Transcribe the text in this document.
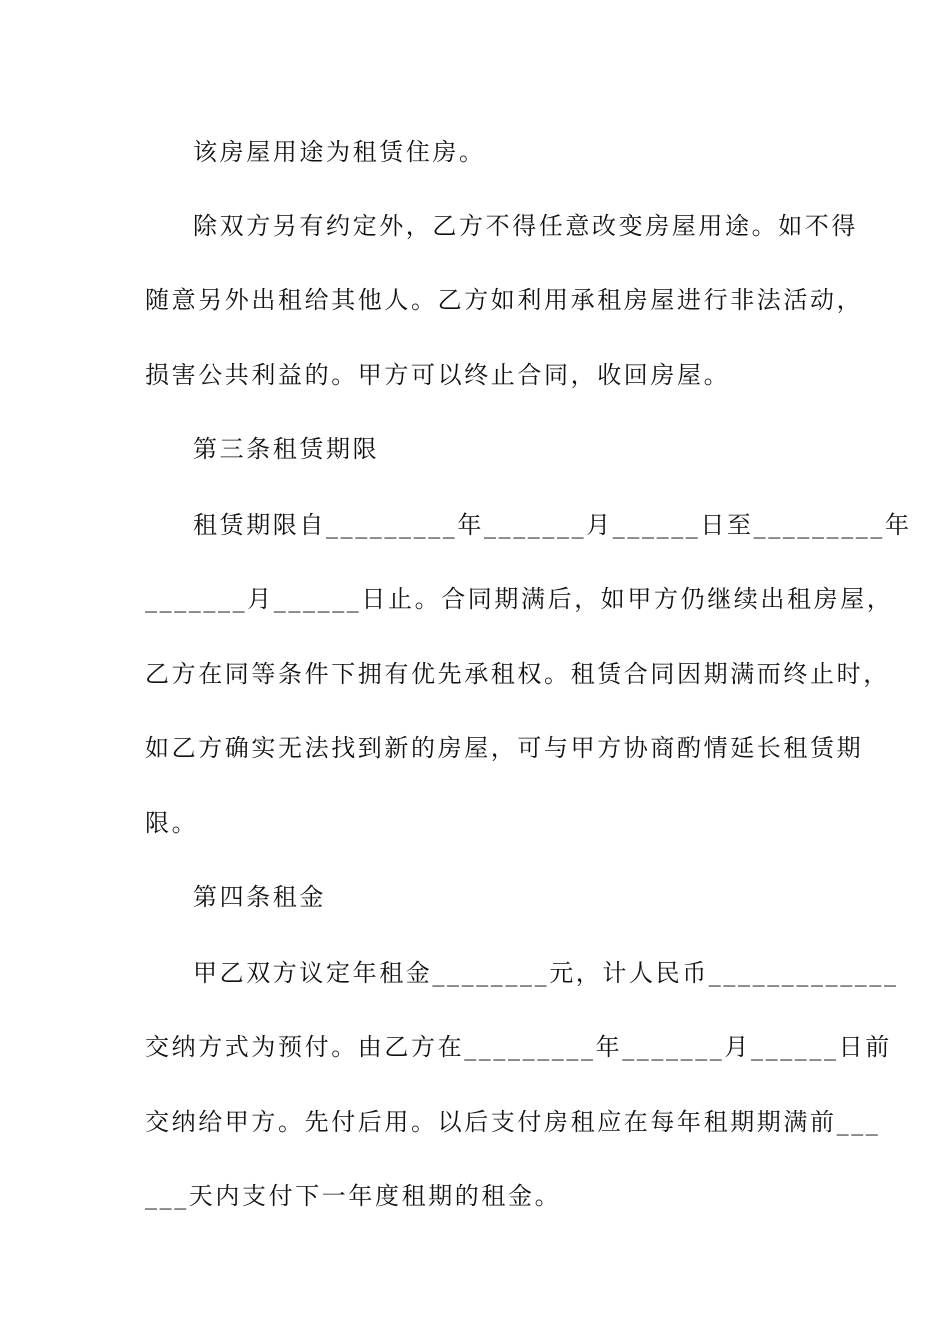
该房屋用途为租赁住房。
除双方另有约定外，乙方不得任意改变房屋用途。如不得
随意另外出租给其他人。乙方如利用承租房屋进行非法活动，
损害公共利益的。甲方可以终止合同，收回房屋。
第三条租赁期限
租赁期限自_________年_______月______日至_________年
_______月______日止。合同期满后，如甲方仍继续出租房屋，
乙方在同等条件下拥有优先承租权。租赁合同因期满而终止时，
如乙方确实无法找到新的房屋，可与甲方协商酌情延长租赁期
限。
第四条租金
甲乙双方议定年租金________元，计人民币_____________
交纳方式为预付。由乙方在_________年_______月______日前
交纳给甲方。先付后用。以后支付房租应在每年租期期满前___
___天内支付下一年度租期的租金。
